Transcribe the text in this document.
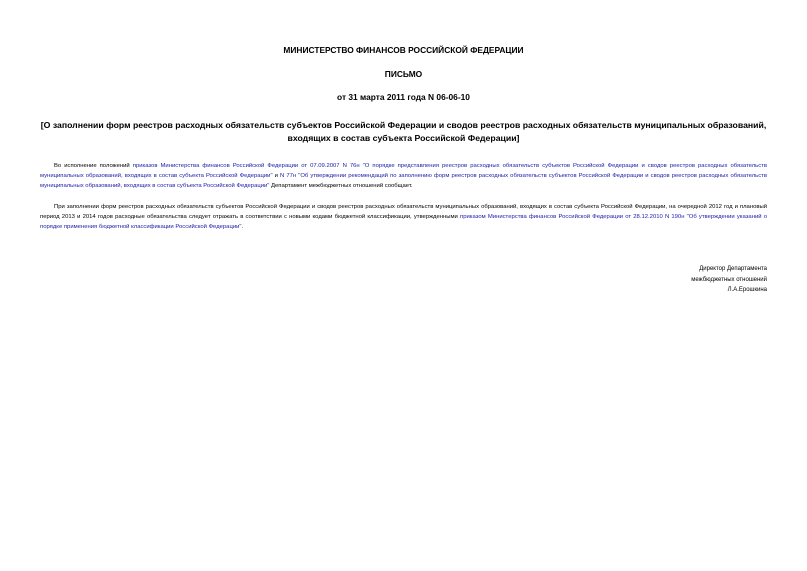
МИНИСТЕРСТВО ФИНАНСОВ РОССИЙСКОЙ ФЕДЕРАЦИИ

ПИСЬМО

от 31 марта 2011 года N 06-06-10

[О заполнении форм реестров расходных обязательств субъектов Российской Федерации и сводов реестров расходных обязательств муниципальных образований, входящих в состав субъекта Российской Федерации]

Во исполнение положений приказов Министерства финансов Российской Федерации от 07.09.2007 N 76н "О порядке представления реестров расходных обязательств субъектов Российской Федерации и сводов реестров расходных обязательств муниципальных образований, входящих в состав субъекта Российской Федерации" и N 77н "Об утверждении рекомендаций по заполнению форм реестров расходных обязательств субъектов Российской Федерации и сводов реестров расходных обязательств муниципальных образований, входящих в состав субъекта Российской Федерации" Департамент межбюджетных отношений сообщает.

При заполнении форм реестров расходных обязательств субъектов Российской Федерации и сводов реестров расходных обязательств муниципальных образований, входящих в состав субъекта Российской Федерации, на очередной 2012 год и плановый период 2013 и 2014 годов расходные обязательства следует отражать в соответствии с новыми кодами бюджетной классификации, утвержденными приказом Министерства финансов Российской Федерации от 28.12.2010 N 190н "Об утверждении указаний о порядке применения бюджетной классификации Российской Федерации".

Директор Департамента
межбюджетных отношений
Л.А.Ерошкина
